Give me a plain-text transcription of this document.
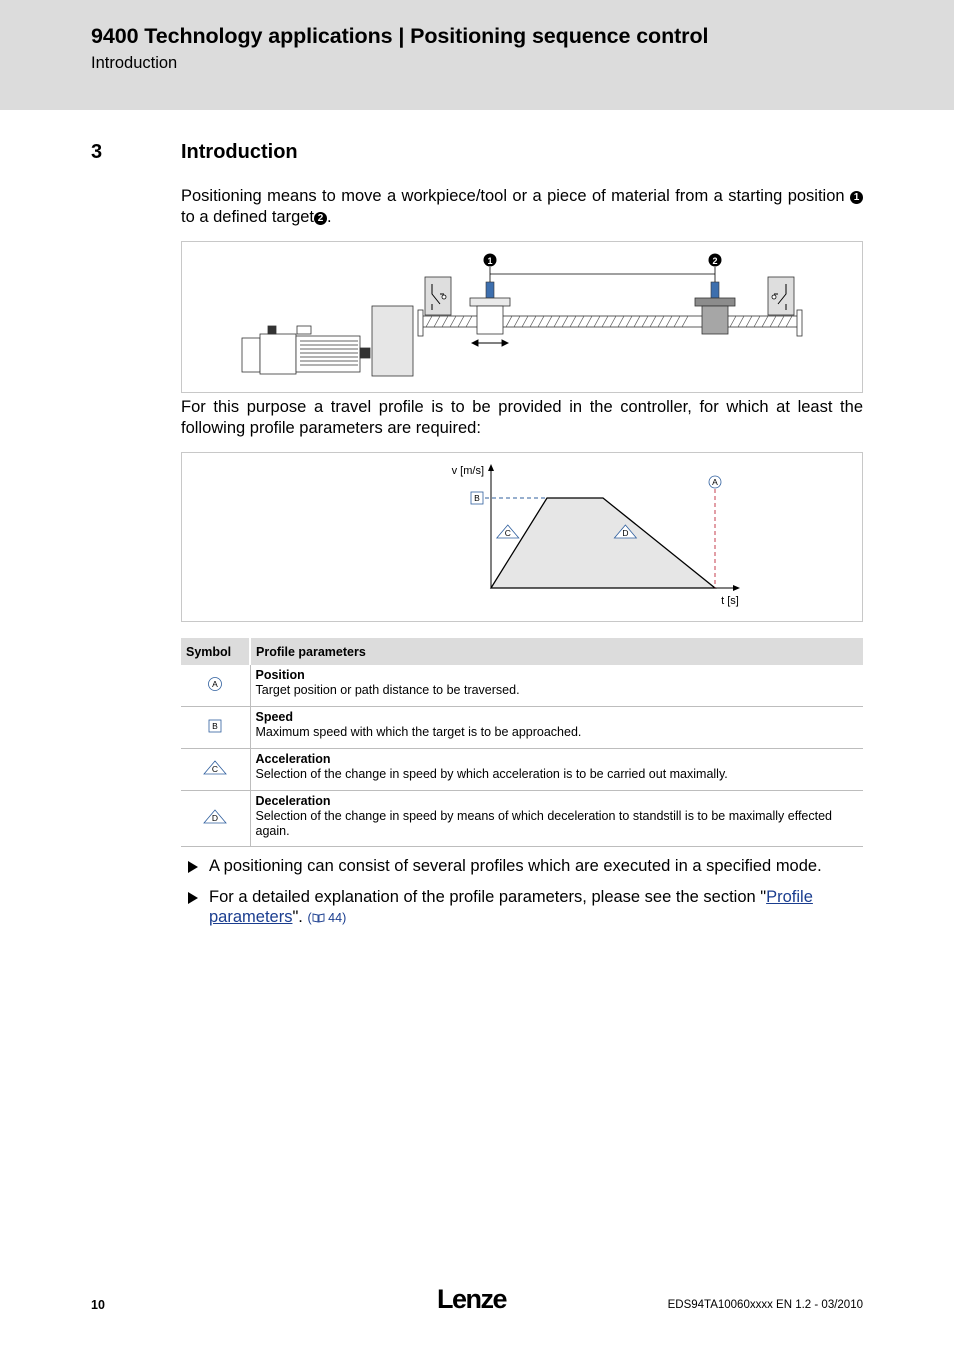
9400 Technology applications | Positioning sequence control
Introduction
3	Introduction
Positioning means to move a workpiece/tool or a piece of material from a starting position 1 to a defined target 2 .
1	2
For this purpose a travel profile is to be provided in the controller, for which at least the following profile parameters are required:
v [m/s]
t [s]
A
B
C	D
Symbol	Profile parameters

A	Position
Target position or path distance to be traversed.

B	Speed
Maximum speed with which the target is to be approached.

C	Acceleration
Selection of the change in speed by which acceleration is to be carried out maximally.

D	Deceleration
Selection of the change in speed by means of which deceleration to standstill is to be maximally effected again.
A positioning can consist of several profiles which are executed in a specified mode.
For a detailed explanation of the profile parameters, please see the section "Profile parameters". ( 44)
10	Lenze	EDS94TA10060xxxx EN 1.2 - 03/2010
